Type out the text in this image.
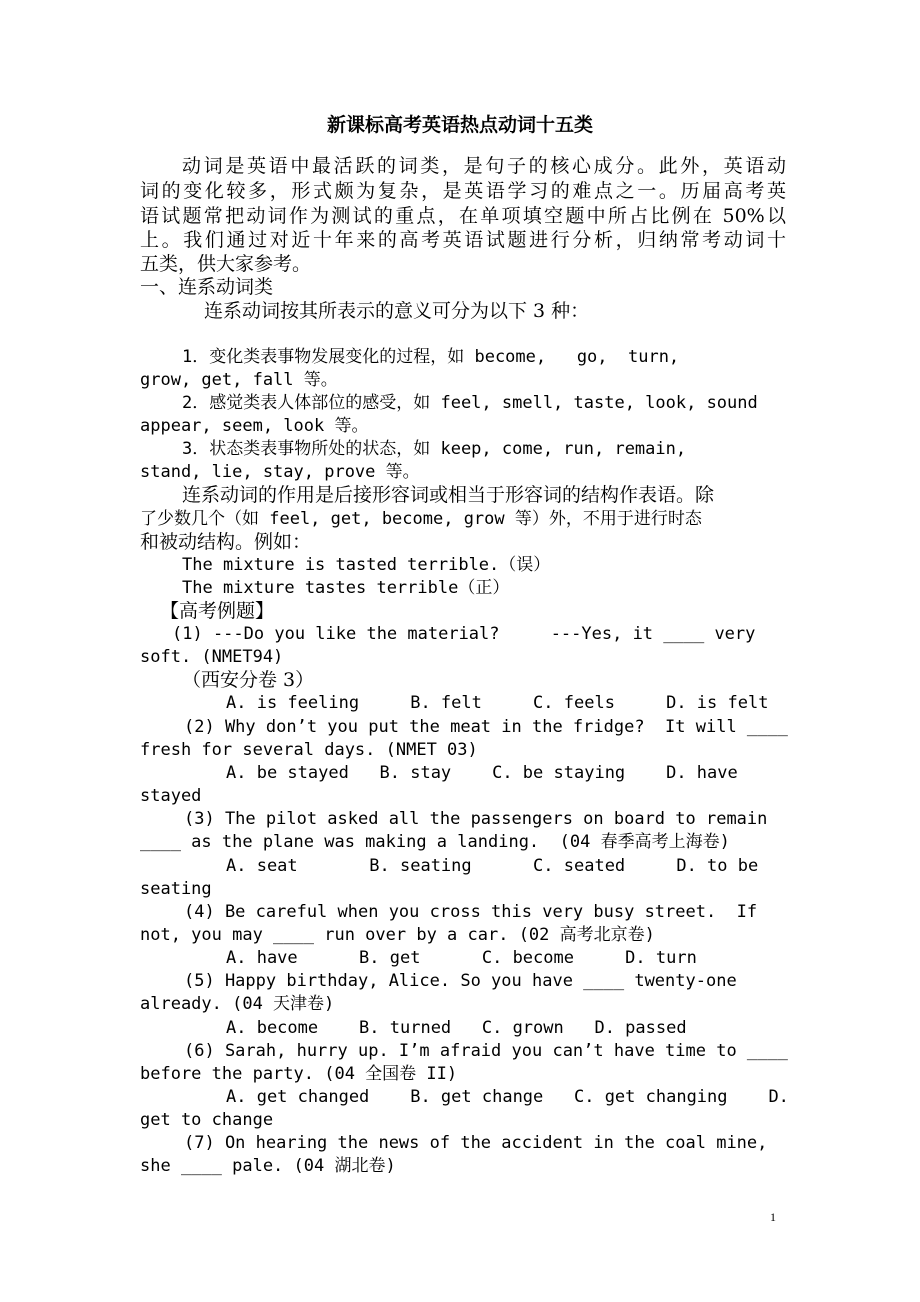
新课标高考英语热点动词十五类
动词是英语中最活跃的词类，是句子的核心成分。此外，英语动
词的变化较多，形式颇为复杂，是英语学习的难点之一。历届高考英
语试题常把动词作为测试的重点，在单项填空题中所占比例在 50%以
上。我们通过对近十年来的高考英语试题进行分析，归纳常考动词十
五类，供大家参考。
一、连系动词类
连系动词按其所表示的意义可分为以下 3 种：
1．变化类表事物发展变化的过程，如 become,   go,  turn,
grow, get, fall 等。
2．感觉类表人体部位的感受，如 feel, smell, taste, look, sound
appear, seem, look 等。
3．状态类表事物所处的状态，如 keep, come, run, remain,
stand, lie, stay, prove 等。
连系动词的作用是后接形容词或相当于形容词的结构作表语。除
了少数几个（如 feel, get, become, grow 等）外，不用于进行时态
和被动结构。例如：
The mixture is tasted terrible.（误）
The mixture tastes terrible（正）
【高考例题】
(1) ---Do you like the material?     ---Yes, it ____ very
soft. (NMET94)
（西安分卷 3）
A. is feeling     B. felt     C. feels     D. is felt
(2) Why don’t you put the meat in the fridge?  It will ____
fresh for several days. (NMET 03)
A. be stayed   B. stay    C. be staying    D. have
stayed
(3) The pilot asked all the passengers on board to remain
____ as the plane was making a landing.  (04 春季高考上海卷)
A. seat       B. seating      C. seated     D. to be
seating
(4) Be careful when you cross this very busy street.  If
not, you may ____ run over by a car. (02 高考北京卷)
A. have      B. get      C. become     D. turn
(5) Happy birthday, Alice. So you have ____ twenty-one
already. (04 天津卷)
A. become    B. turned   C. grown   D. passed
(6) Sarah, hurry up. I’m afraid you can’t have time to ____
before the party. (04 全国卷 II)
A. get changed    B. get change   C. get changing    D.
get to change
(7) On hearing the news of the accident in the coal mine,
she ____ pale. (04 湖北卷)
1
